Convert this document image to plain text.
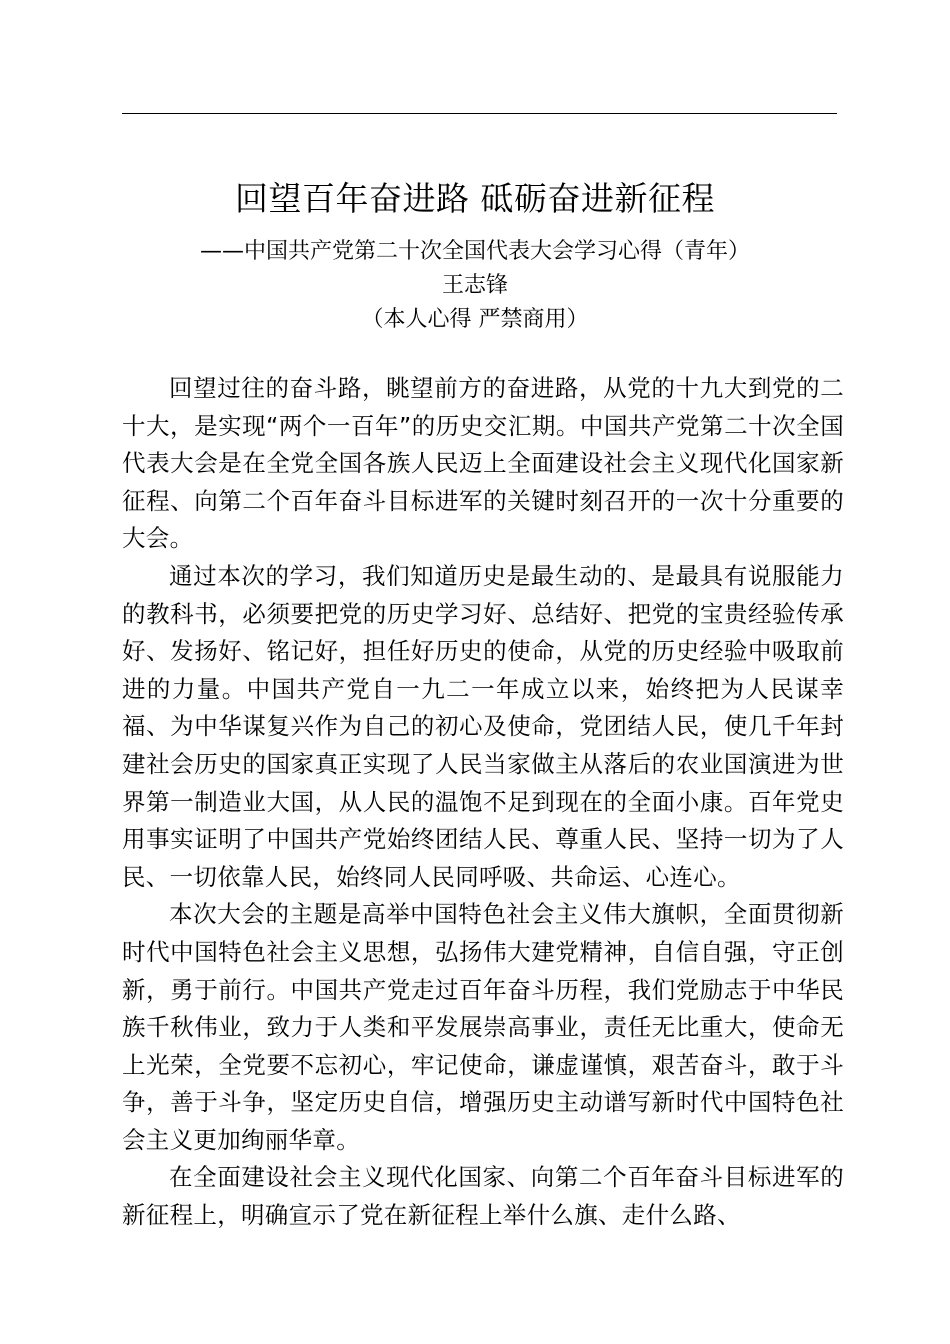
回望百年奋进路 砥砺奋进新征程
——中国共产党第二十次全国代表大会学习心得（青年）
王志锋
（本人心得 严禁商用）

回望过往的奋斗路，眺望前方的奋进路，从党的十九大到党的二十大，是实现“两个一百年”的历史交汇期。中国共产党第二十次全国代表大会是在全党全国各族人民迈上全面建设社会主义现代化国家新征程、向第二个百年奋斗目标进军的关键时刻召开的一次十分重要的大会。

通过本次的学习，我们知道历史是最生动的、是最具有说服能力的教科书，必须要把党的历史学习好、总结好、把党的宝贵经验传承好、发扬好、铭记好，担任好历史的使命，从党的历史经验中吸取前进的力量。中国共产党自一九二一年成立以来，始终把为人民谋幸福、为中华谋复兴作为自己的初心及使命，党团结人民，使几千年封建社会历史的国家真正实现了人民当家做主从落后的农业国演进为世界第一制造业大国，从人民的温饱不足到现在的全面小康。百年党史用事实证明了中国共产党始终团结人民、尊重人民、坚持一切为了人民、一切依靠人民，始终同人民同呼吸、共命运、心连心。

本次大会的主题是高举中国特色社会主义伟大旗帜，全面贯彻新时代中国特色社会主义思想，弘扬伟大建党精神，自信自强，守正创新，勇于前行。中国共产党走过百年奋斗历程，我们党励志于中华民族千秋伟业，致力于人类和平发展崇高事业，责任无比重大，使命无上光荣，全党要不忘初心，牢记使命，谦虚谨慎，艰苦奋斗，敢于斗争，善于斗争，坚定历史自信，增强历史主动谱写新时代中国特色社会主义更加绚丽华章。

在全面建设社会主义现代化国家、向第二个百年奋斗目标进军的新征程上，明确宣示了党在新征程上举什么旗、走什么路、
